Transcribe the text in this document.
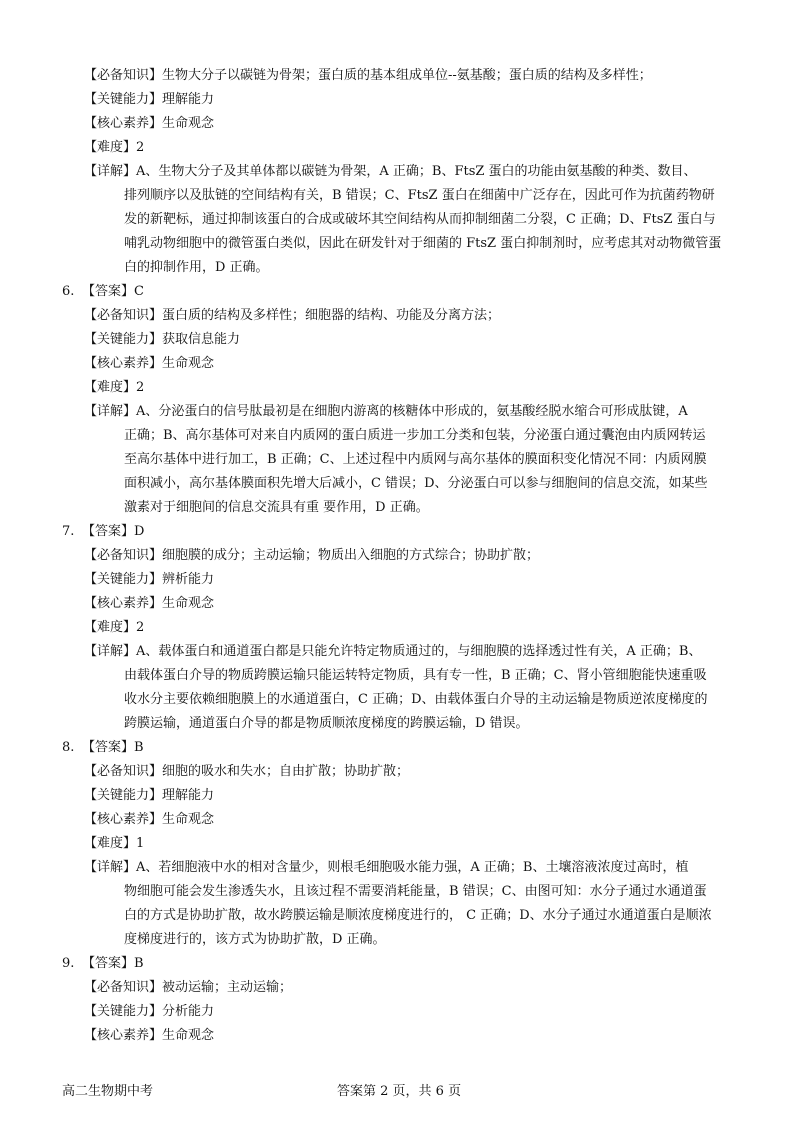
【必备知识】生物大分子以碳链为骨架；蛋白质的基本组成单位--氨基酸；蛋白质的结构及多样性；
【关键能力】理解能力
【核心素养】生命观念
【难度】2
【详解】A、生物大分子及其单体都以碳链为骨架，A 正确；B、FtsZ 蛋白的功能由氨基酸的种类、数目、
排列顺序以及肽链的空间结构有关，B 错误；C、FtsZ 蛋白在细菌中广泛存在，因此可作为抗菌药物研
发的新靶标，通过抑制该蛋白的合成或破坏其空间结构从而抑制细菌二分裂，C 正确；D、FtsZ 蛋白与
哺乳动物细胞中的微管蛋白类似，因此在研发针对于细菌的 FtsZ 蛋白抑制剂时，应考虑其对动物微管蛋
白的抑制作用，D 正确。
6. 【答案】C
【必备知识】蛋白质的结构及多样性；细胞器的结构、功能及分离方法；
【关键能力】获取信息能力
【核心素养】生命观念
【难度】2
【详解】A、分泌蛋白的信号肽最初是在细胞内游离的核糖体中形成的，氨基酸经脱水缩合可形成肽键，A
正确；B、高尔基体可对来自内质网的蛋白质进一步加工分类和包装，分泌蛋白通过囊泡由内质网转运
至高尔基体中进行加工，B 正确；C、上述过程中内质网与高尔基体的膜面积变化情况不同：内质网膜
面积减小，高尔基体膜面积先增大后减小，C 错误；D、分泌蛋白可以参与细胞间的信息交流，如某些
激素对于细胞间的信息交流具有重 要作用，D 正确。
7. 【答案】D
【必备知识】细胞膜的成分；主动运输；物质出入细胞的方式综合；协助扩散；
【关键能力】辨析能力
【核心素养】生命观念
【难度】2
【详解】A、载体蛋白和通道蛋白都是只能允许特定物质通过的，与细胞膜的选择透过性有关，A 正确；B、
由载体蛋白介导的物质跨膜运输只能运转特定物质，具有专一性，B 正确；C、肾小管细胞能快速重吸
收水分主要依赖细胞膜上的水通道蛋白，C 正确；D、由载体蛋白介导的主动运输是物质逆浓度梯度的
跨膜运输，通道蛋白介导的都是物质顺浓度梯度的跨膜运输，D 错误。
8. 【答案】B
【必备知识】细胞的吸水和失水；自由扩散；协助扩散；
【关键能力】理解能力
【核心素养】生命观念
【难度】1
【详解】A、若细胞液中水的相对含量少，则根毛细胞吸水能力强，A 正确；B、土壤溶液浓度过高时，植
物细胞可能会发生渗透失水，且该过程不需要消耗能量，B 错误；C、由图可知：水分子通过水通道蛋
白的方式是协助扩散，故水跨膜运输是顺浓度梯度进行的， C 正确；D、水分子通过水通道蛋白是顺浓
度梯度进行的，该方式为协助扩散，D 正确。
9. 【答案】B
【必备知识】被动运输；主动运输；
【关键能力】分析能力
【核心素养】生命观念
高二生物期中考	答案第 2 页，共 6 页
